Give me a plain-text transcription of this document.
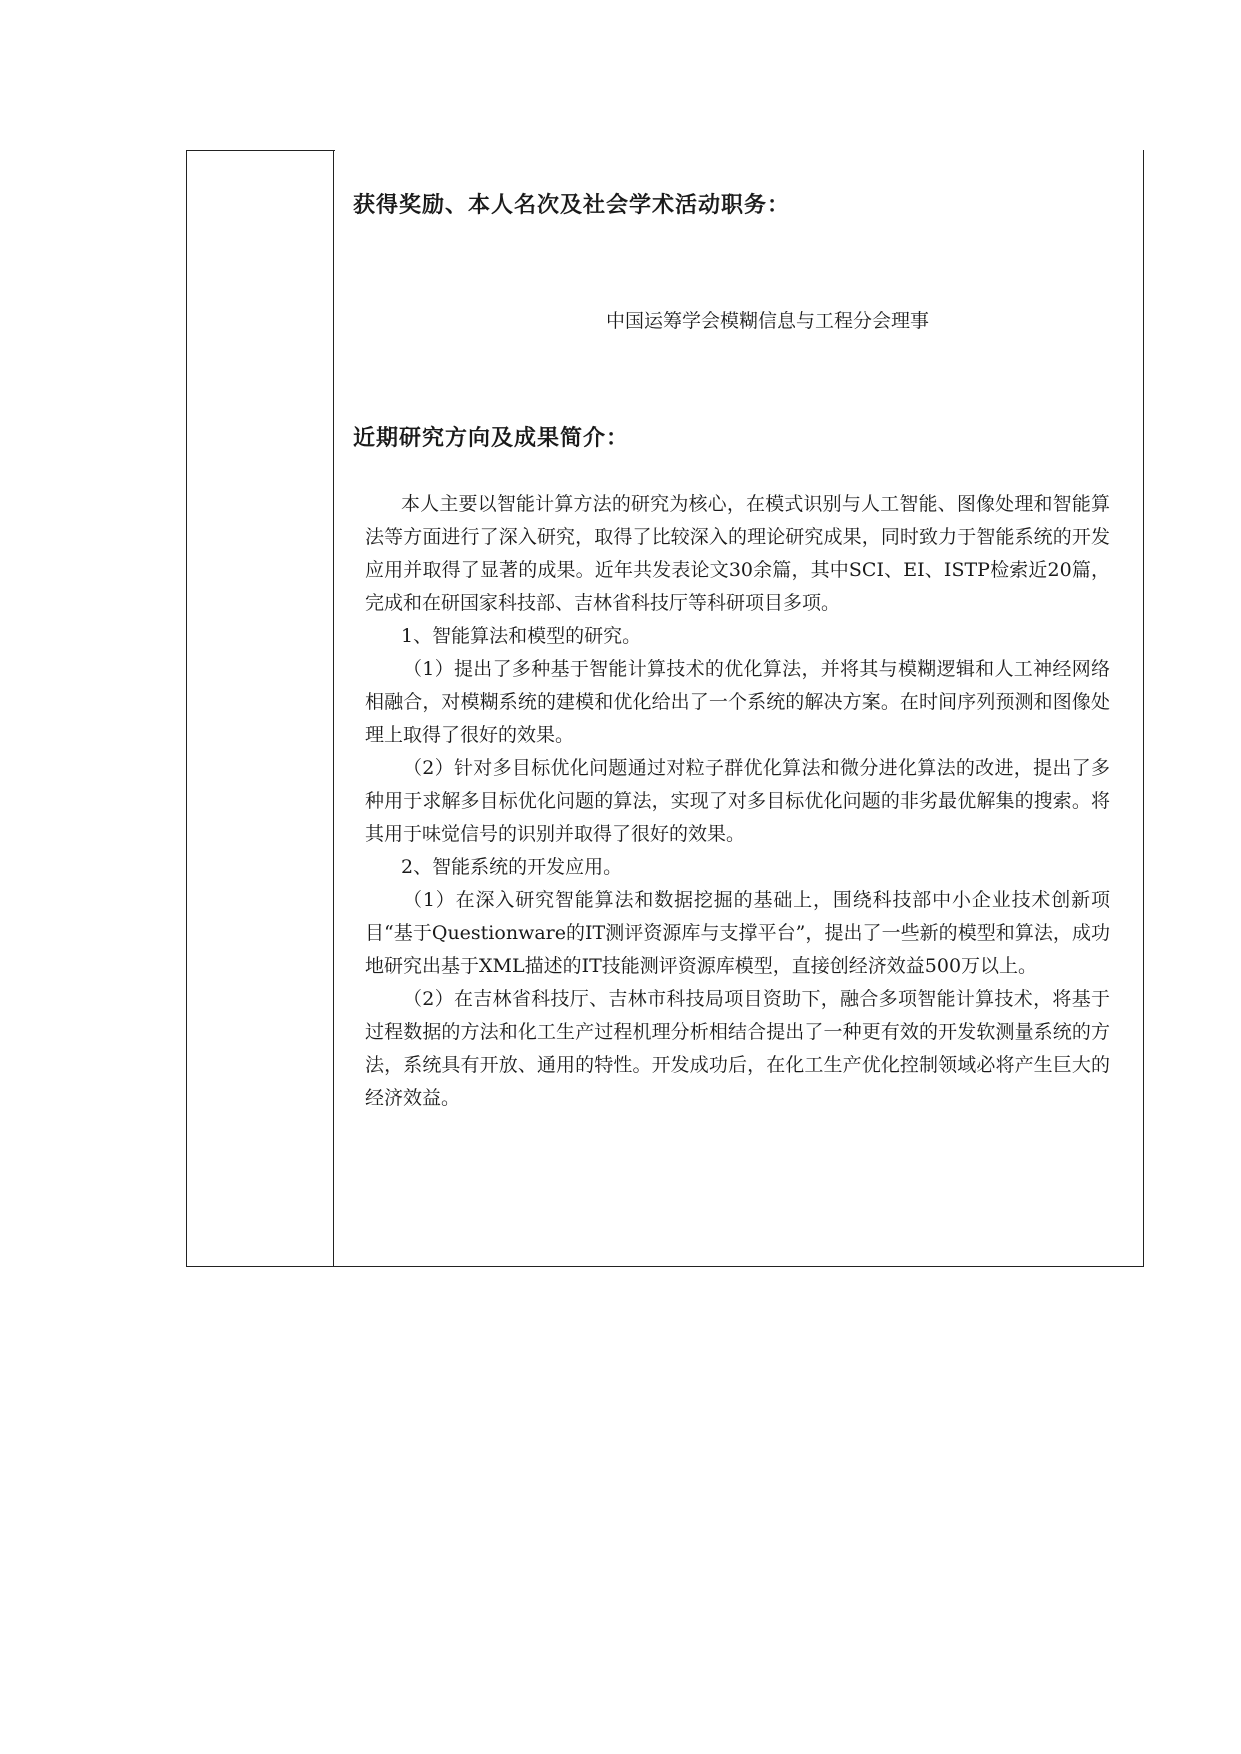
获得奖励、本人名次及社会学术活动职务：
中国运筹学会模糊信息与工程分会理事
近期研究方向及成果简介：

本人主要以智能计算方法的研究为核心，在模式识别与人工智能、图像处理和智能算法等方面进行了深入研究，取得了比较深入的理论研究成果，同时致力于智能系统的开发应用并取得了显著的成果。近年共发表论文30余篇，其中SCI、EI、ISTP检索近20篇，完成和在研国家科技部、吉林省科技厅等科研项目多项。

1、智能算法和模型的研究。

（1）提出了多种基于智能计算技术的优化算法，并将其与模糊逻辑和人工神经网络相融合，对模糊系统的建模和优化给出了一个系统的解决方案。在时间序列预测和图像处理上取得了很好的效果。

（2）针对多目标优化问题通过对粒子群优化算法和微分进化算法的改进，提出了多种用于求解多目标优化问题的算法，实现了对多目标优化问题的非劣最优解集的搜索。将其用于味觉信号的识别并取得了很好的效果。

2、智能系统的开发应用。

（1）在深入研究智能算法和数据挖掘的基础上，围绕科技部中小企业技术创新项目“基于Questionware的IT测评资源库与支撑平台”，提出了一些新的模型和算法，成功地研究出基于XML描述的IT技能测评资源库模型，直接创经济效益500万以上。

（2）在吉林省科技厅、吉林市科技局项目资助下，融合多项智能计算技术，将基于过程数据的方法和化工生产过程机理分析相结合提出了一种更有效的开发软测量系统的方法，系统具有开放、通用的特性。开发成功后，在化工生产优化控制领域必将产生巨大的经济效益。
